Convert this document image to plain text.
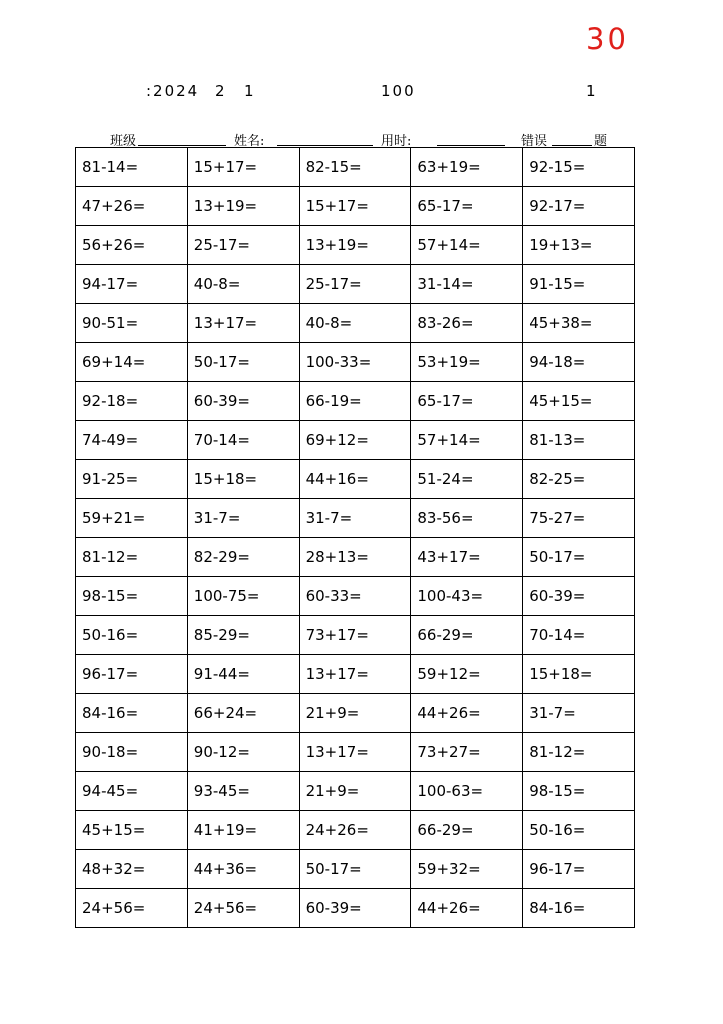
30
:2024 2 1	100	1
班级	姓名:	用时:	错误	题
81-14=	15+17=	82-15=	63+19=	92-15=
47+26=	13+19=	15+17=	65-17=	92-17=
56+26=	25-17=	13+19=	57+14=	19+13=
94-17=	40-8=	25-17=	31-14=	91-15=
90-51=	13+17=	40-8=	83-26=	45+38=
69+14=	50-17=	100-33=	53+19=	94-18=
92-18=	60-39=	66-19=	65-17=	45+15=
74-49=	70-14=	69+12=	57+14=	81-13=
91-25=	15+18=	44+16=	51-24=	82-25=
59+21=	31-7=	31-7=	83-56=	75-27=
81-12=	82-29=	28+13=	43+17=	50-17=
98-15=	100-75=	60-33=	100-43=	60-39=
50-16=	85-29=	73+17=	66-29=	70-14=
96-17=	91-44=	13+17=	59+12=	15+18=
84-16=	66+24=	21+9=	44+26=	31-7=
90-18=	90-12=	13+17=	73+27=	81-12=
94-45=	93-45=	21+9=	100-63=	98-15=
45+15=	41+19=	24+26=	66-29=	50-16=
48+32=	44+36=	50-17=	59+32=	96-17=
24+56=	24+56=	60-39=	44+26=	84-16=
